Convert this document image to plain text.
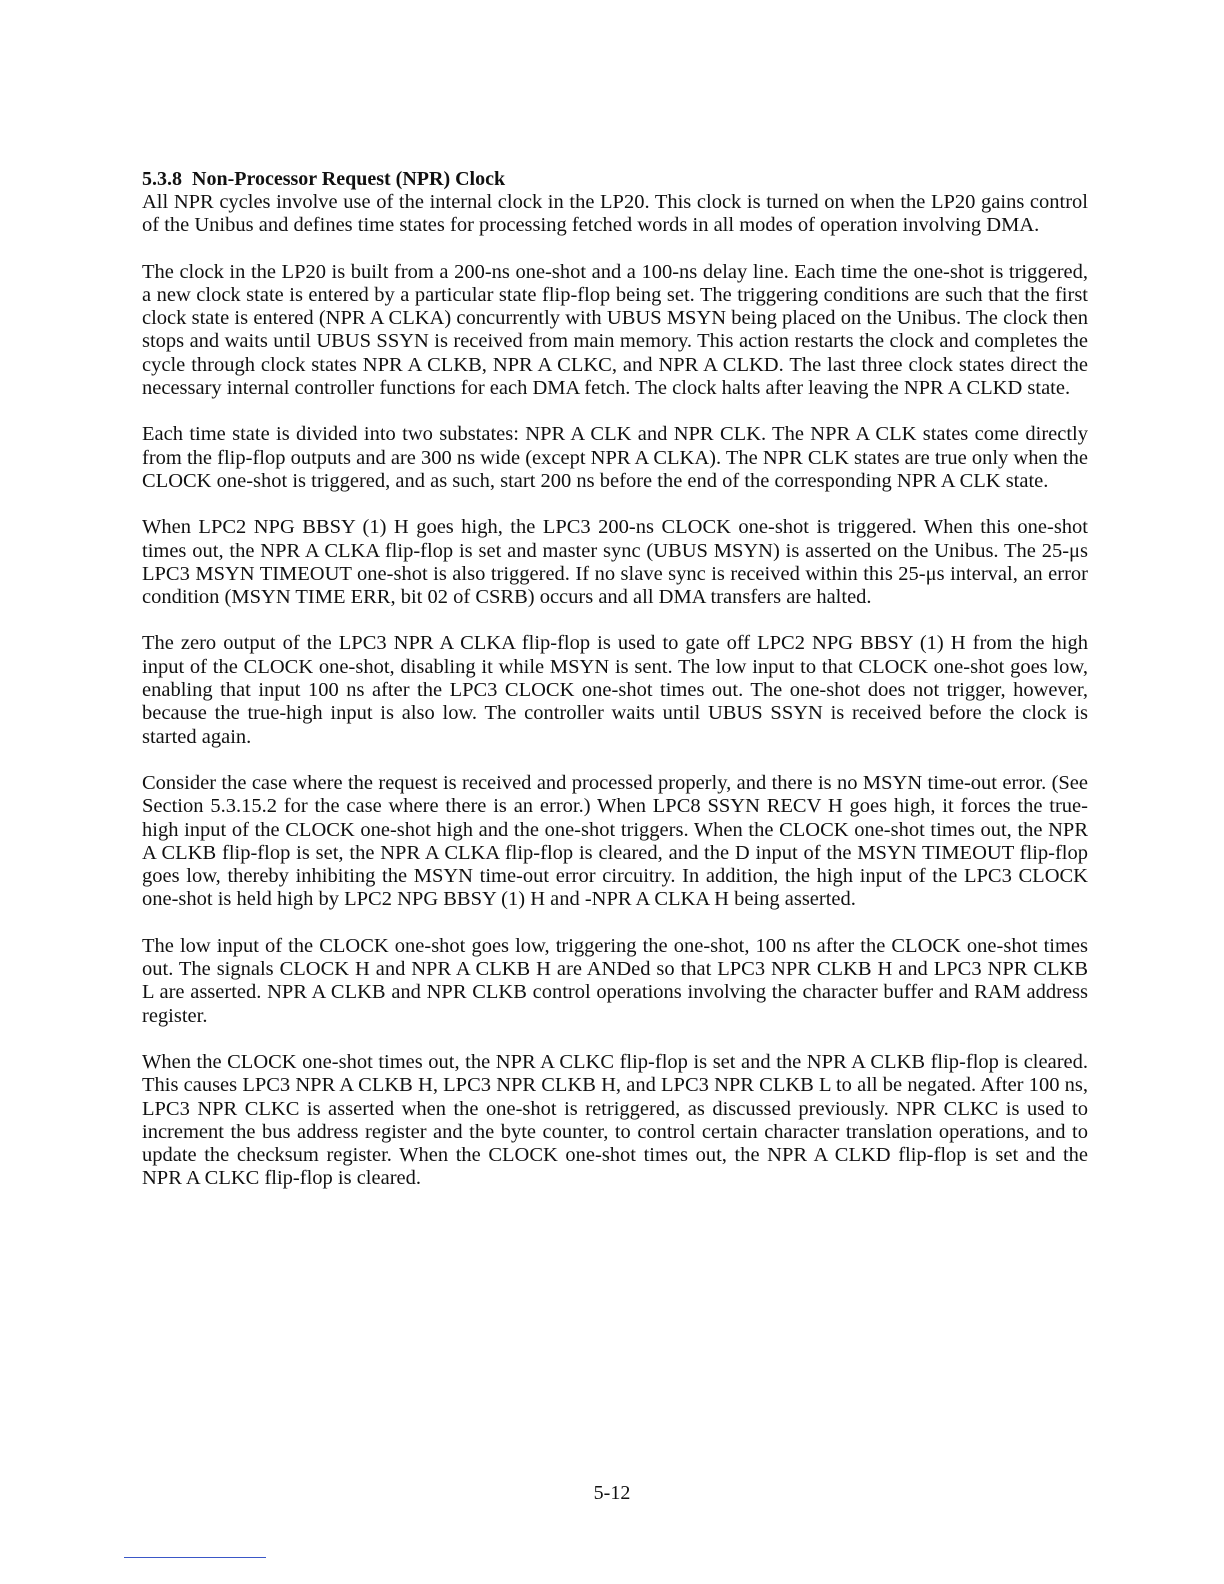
5.3.8 Non-Processor Request (NPR) Clock

All NPR cycles involve use of the internal clock in the LP20. This clock is turned on when the LP20 gains control of the Unibus and defines time states for processing fetched words in all modes of operation involving DMA.

The clock in the LP20 is built from a 200-ns one-shot and a 100-ns delay line. Each time the one-shot is triggered, a new clock state is entered by a particular state flip-flop being set. The triggering conditions are such that the first clock state is entered (NPR A CLKA) concurrently with UBUS MSYN being placed on the Unibus. The clock then stops and waits until UBUS SSYN is received from main memory. This action restarts the clock and completes the cycle through clock states NPR A CLKB, NPR A CLKC, and NPR A CLKD. The last three clock states direct the necessary internal controller functions for each DMA fetch. The clock halts after leaving the NPR A CLKD state.

Each time state is divided into two substates: NPR A CLK and NPR CLK. The NPR A CLK states come directly from the flip-flop outputs and are 300 ns wide (except NPR A CLKA). The NPR CLK states are true only when the CLOCK one-shot is triggered, and as such, start 200 ns before the end of the corresponding NPR A CLK state.

When LPC2 NPG BBSY (1) H goes high, the LPC3 200-ns CLOCK one-shot is triggered. When this one-shot times out, the NPR A CLKA flip-flop is set and master sync (UBUS MSYN) is asserted on the Unibus. The 25-μs LPC3 MSYN TIMEOUT one-shot is also triggered. If no slave sync is received within this 25-μs interval, an error condition (MSYN TIME ERR, bit 02 of CSRB) occurs and all DMA transfers are halted.

The zero output of the LPC3 NPR A CLKA flip-flop is used to gate off LPC2 NPG BBSY (1) H from the high input of the CLOCK one-shot, disabling it while MSYN is sent. The low input to that CLOCK one-shot goes low, enabling that input 100 ns after the LPC3 CLOCK one-shot times out. The one-shot does not trigger, however, because the true-high input is also low. The controller waits until UBUS SSYN is received before the clock is started again.

Consider the case where the request is received and processed properly, and there is no MSYN time-out error. (See Section 5.3.15.2 for the case where there is an error.) When LPC8 SSYN RECV H goes high, it forces the true-high input of the CLOCK one-shot high and the one-shot triggers. When the CLOCK one-shot times out, the NPR A CLKB flip-flop is set, the NPR A CLKA flip-flop is cleared, and the D input of the MSYN TIMEOUT flip-flop goes low, thereby inhibiting the MSYN time-out error circuitry. In addition, the high input of the LPC3 CLOCK one-shot is held high by LPC2 NPG BBSY (1) H and -NPR A CLKA H being asserted.

The low input of the CLOCK one-shot goes low, triggering the one-shot, 100 ns after the CLOCK one-shot times out. The signals CLOCK H and NPR A CLKB H are ANDed so that LPC3 NPR CLKB H and LPC3 NPR CLKB L are asserted. NPR A CLKB and NPR CLKB control operations involving the character buffer and RAM address register.

When the CLOCK one-shot times out, the NPR A CLKC flip-flop is set and the NPR A CLKB flip-flop is cleared. This causes LPC3 NPR A CLKB H, LPC3 NPR CLKB H, and LPC3 NPR CLKB L to all be negated. After 100 ns, LPC3 NPR CLKC is asserted when the one-shot is retriggered, as discussed previously. NPR CLKC is used to increment the bus address register and the byte counter, to control certain character translation operations, and to update the checksum register. When the CLOCK one-shot times out, the NPR A CLKD flip-flop is set and the NPR A CLKC flip-flop is cleared.

5-12
